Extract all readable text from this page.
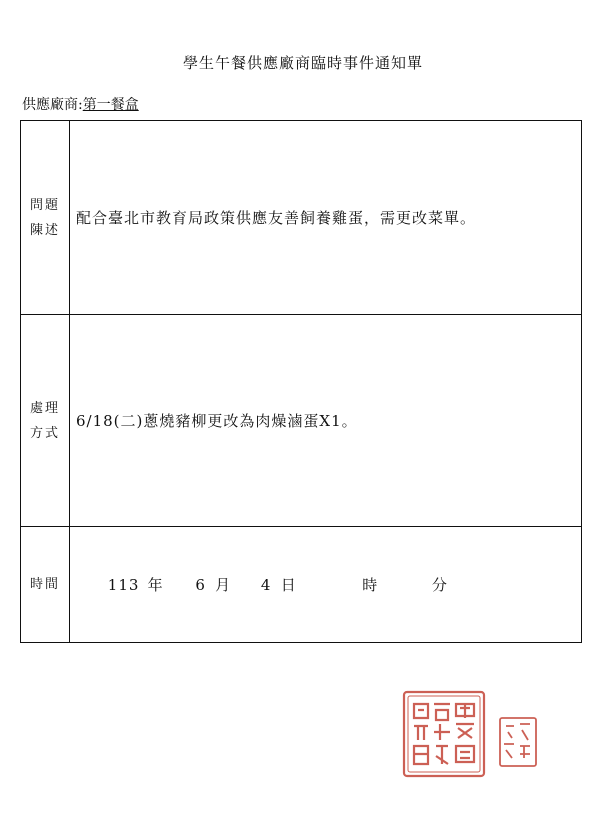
學生午餐供應廠商臨時事件通知單
供應廠商:第一餐盒
問題
陳述	配合臺北市教育局政策供應友善飼養雞蛋，需更改菜單。

處理
方式	6/18(二)蔥燒豬柳更改為肉燥滷蛋X1。
時間	113 年 6 月 4 日 時 分
